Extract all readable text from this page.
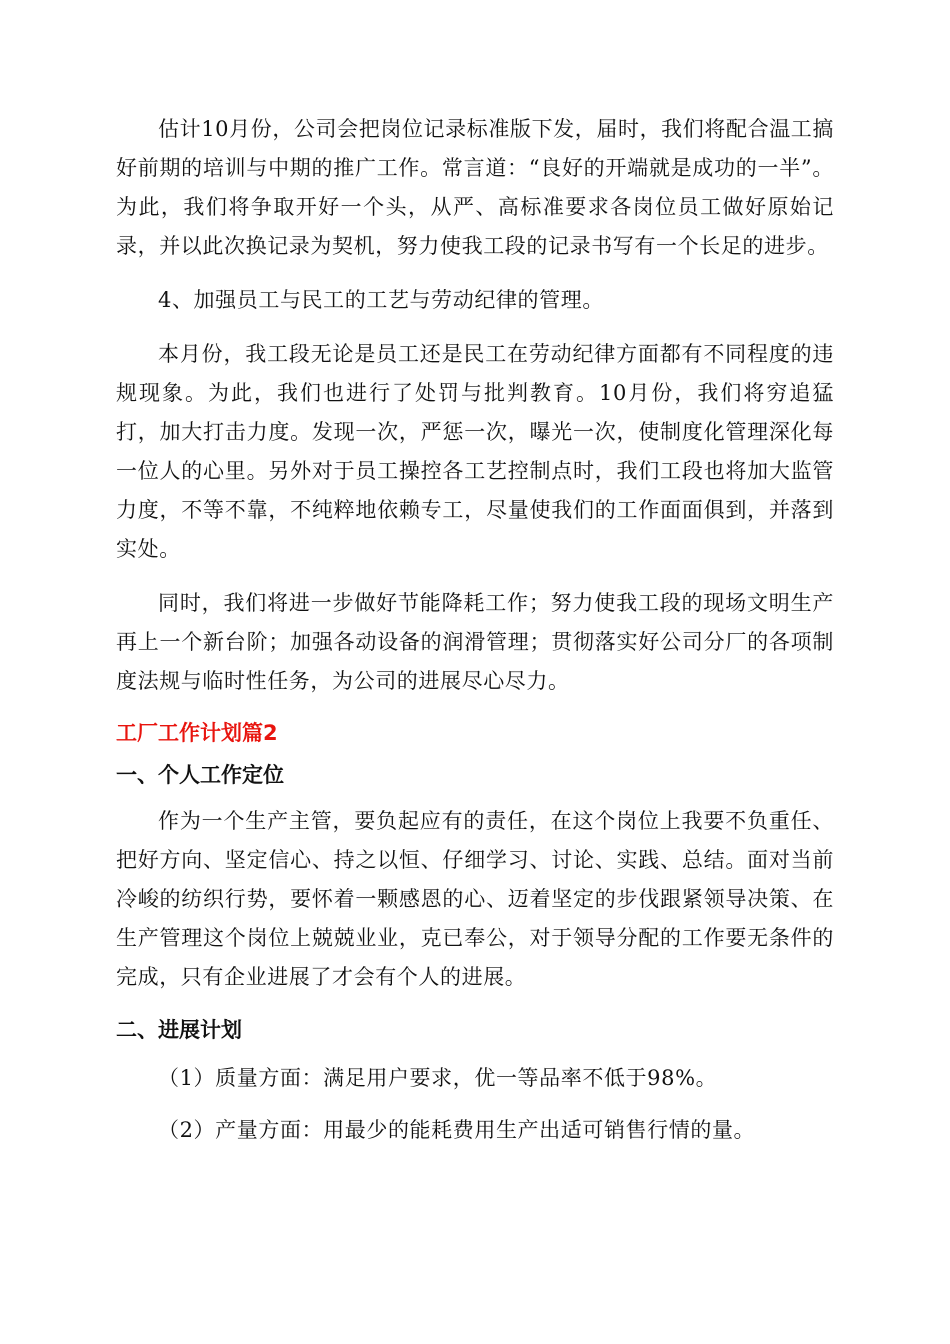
估计10月份，公司会把岗位记录标准版下发，届时，我们将配合温工搞好前期的培训与中期的推广工作。常言道：“良好的开端就是成功的一半”。为此，我们将争取开好一个头，从严、高标准要求各岗位员工做好原始记录，并以此次换记录为契机，努力使我工段的记录书写有一个长足的进步。

4、加强员工与民工的工艺与劳动纪律的管理。

本月份，我工段无论是员工还是民工在劳动纪律方面都有不同程度的违规现象。为此，我们也进行了处罚与批判教育。10月份，我们将穷追猛打，加大打击力度。发现一次，严惩一次，曝光一次，使制度化管理深化每一位人的心里。另外对于员工操控各工艺控制点时，我们工段也将加大监管力度，不等不靠，不纯粹地依赖专工，尽量使我们的工作面面俱到，并落到实处。

同时，我们将进一步做好节能降耗工作；努力使我工段的现场文明生产再上一个新台阶；加强各动设备的润滑管理；贯彻落实好公司分厂的各项制度法规与临时性任务，为公司的进展尽心尽力。

工厂工作计划篇2
一、个人工作定位

作为一个生产主管，要负起应有的责任，在这个岗位上我要不负重任、把好方向、坚定信心、持之以恒、仔细学习、讨论、实践、总结。面对当前冷峻的纺织行势，要怀着一颗感恩的心、迈着坚定的步伐跟紧领导决策、在生产管理这个岗位上兢兢业业，克已奉公，对于领导分配的工作要无条件的完成，只有企业进展了才会有个人的进展。

二、进展计划

（1）质量方面：满足用户要求，优一等品率不低于98%。

（2）产量方面：用最少的能耗费用生产出适可销售行情的量。
